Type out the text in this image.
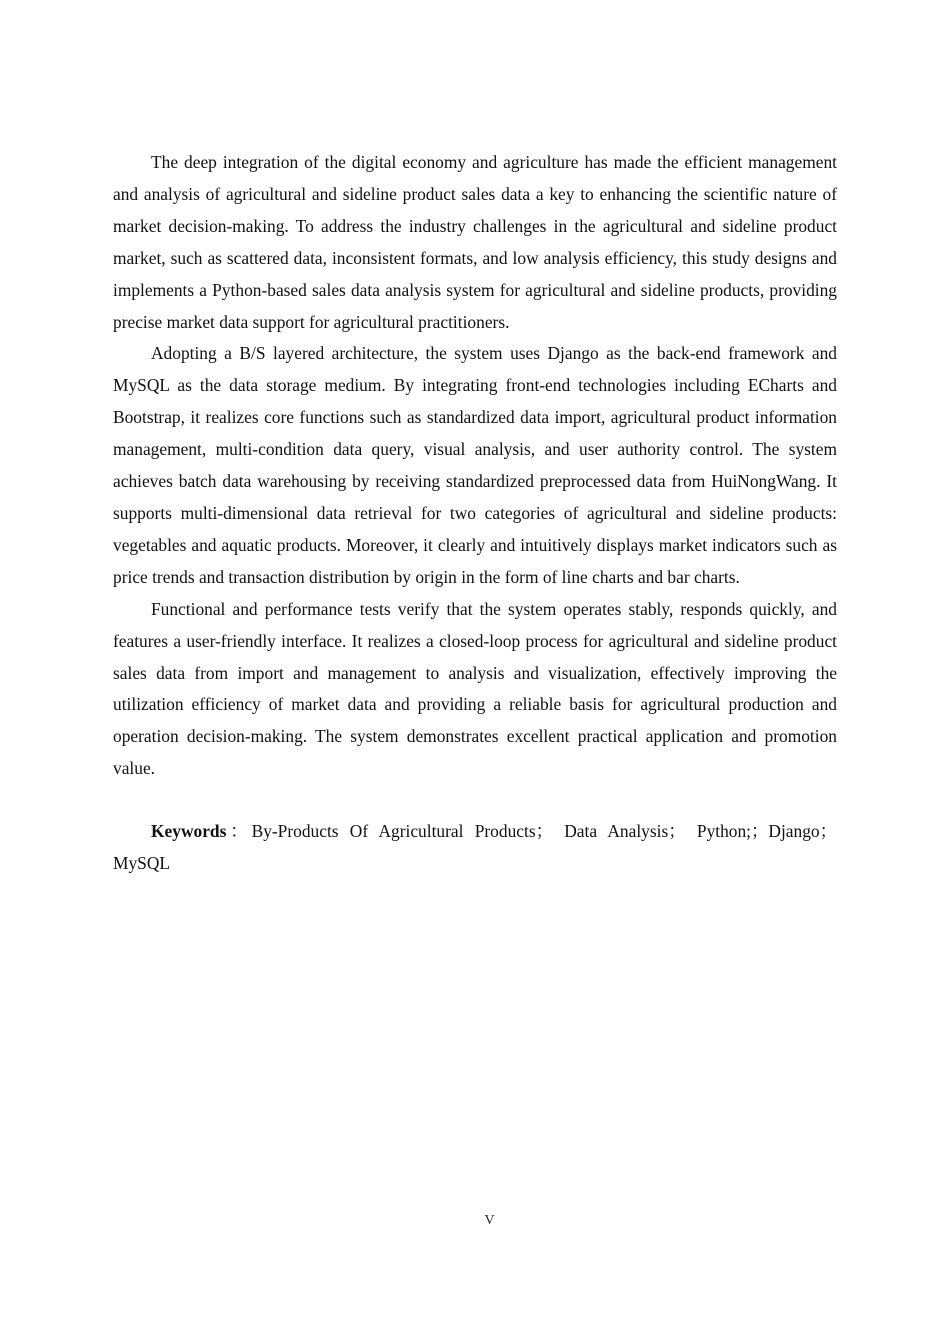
The deep integration of the digital economy and agriculture has made the efficient management and analysis of agricultural and sideline product sales data a key to enhancing the scientific nature of market decision-making. To address the industry challenges in the agricultural and sideline product market, such as scattered data, inconsistent formats, and low analysis efficiency, this study designs and implements a Python-based sales data analysis system for agricultural and sideline products, providing precise market data support for agricultural practitioners.

Adopting a B/S layered architecture, the system uses Django as the back-end framework and MySQL as the data storage medium. By integrating front-end technologies including ECharts and Bootstrap, it realizes core functions such as standardized data import, agricultural product information management, multi-condition data query, visual analysis, and user authority control. The system achieves batch data warehousing by receiving standardized preprocessed data from HuiNongWang. It supports multi-dimensional data retrieval for two categories of agricultural and sideline products: vegetables and aquatic products. Moreover, it clearly and intuitively displays market indicators such as price trends and transaction distribution by origin in the form of line charts and bar charts.

Functional and performance tests verify that the system operates stably, responds quickly, and features a user-friendly interface. It realizes a closed-loop process for agricultural and sideline product sales data from import and management to analysis and visualization, effectively improving the utilization efficiency of market data and providing a reliable basis for agricultural production and operation decision-making. The system demonstrates excellent practical application and promotion value.

Keywords：By-Products Of Agricultural Products； Data Analysis； Python;；Django；MySQL

V
